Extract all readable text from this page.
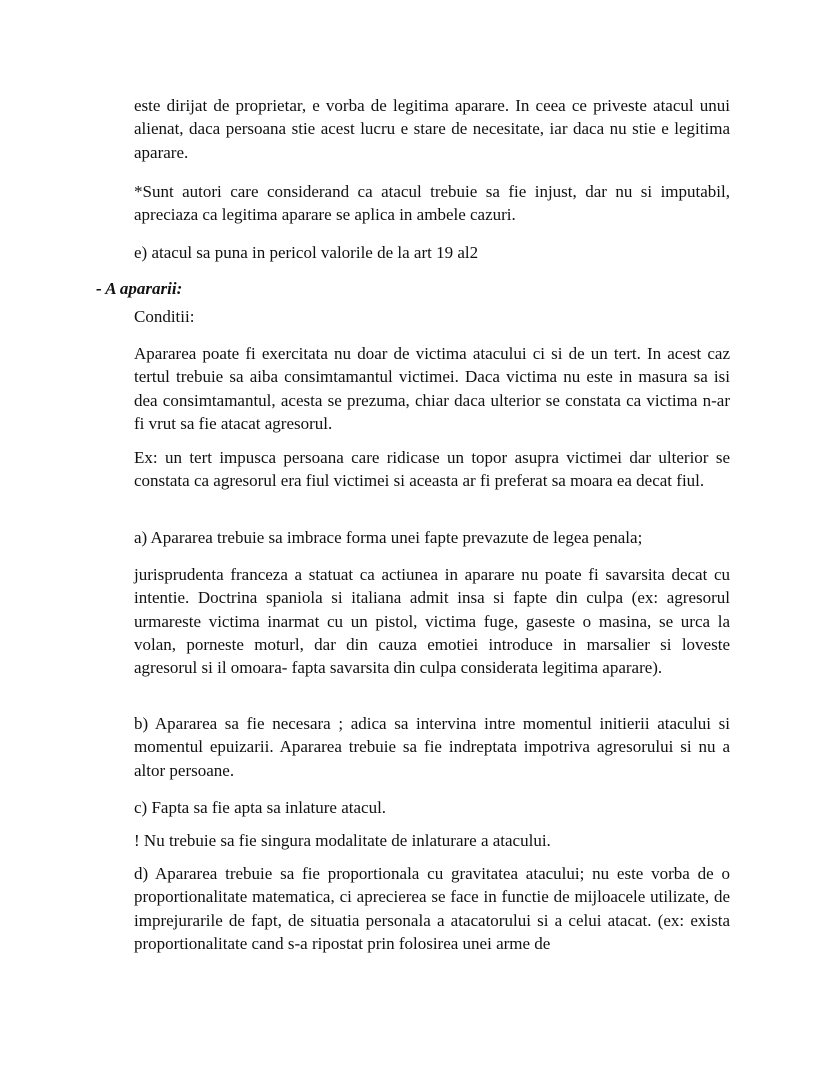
este dirijat de proprietar, e vorba de legitima aparare. In ceea ce priveste atacul unui alienat, daca persoana stie acest lucru e stare de necesitate, iar daca nu stie e legitima aparare.

*Sunt autori care considerand ca atacul trebuie sa fie injust, dar nu si imputabil, apreciaza ca legitima aparare se aplica in ambele cazuri.

e) atacul sa puna in pericol valorile de la art 19 al2

- A apararii:

Conditii:

Apararea poate fi exercitata nu doar de victima atacului ci si de un tert. In acest caz tertul trebuie sa aiba consimtamantul victimei. Daca victima nu este in masura sa isi dea consimtamantul, acesta se prezuma, chiar daca ulterior se constata ca victima n-ar fi vrut sa fie atacat agresorul.

Ex: un tert impusca persoana care ridicase un topor asupra victimei dar ulterior se constata ca agresorul era fiul victimei si aceasta ar fi preferat sa moara ea decat fiul.

a) Apararea trebuie sa imbrace forma unei fapte prevazute de legea penala;

jurisprudenta franceza a statuat ca actiunea in aparare nu poate fi savarsita decat cu intentie. Doctrina spaniola si italiana admit insa si fapte din culpa (ex: agresorul urmareste victima inarmat cu un pistol, victima fuge, gaseste o masina, se urca la volan, porneste moturl, dar din cauza emotiei introduce in marsalier si loveste agresorul si il omoara- fapta savarsita din culpa considerata legitima aparare).

b) Apararea sa fie necesara ; adica sa intervina intre momentul initierii atacului si momentul epuizarii. Apararea trebuie sa fie indreptata impotriva agresorului si nu a altor persoane.

c) Fapta sa fie apta sa inlature atacul.

! Nu trebuie sa fie singura modalitate de inlaturare a atacului.

d) Apararea trebuie sa fie proportionala cu gravitatea atacului; nu este vorba de o proportionalitate matematica, ci aprecierea se face in functie de mijloacele utilizate, de imprejurarile de fapt, de situatia personala a atacatorului si a celui atacat. (ex: exista proportionalitate cand s-a ripostat prin folosirea unei arme de
